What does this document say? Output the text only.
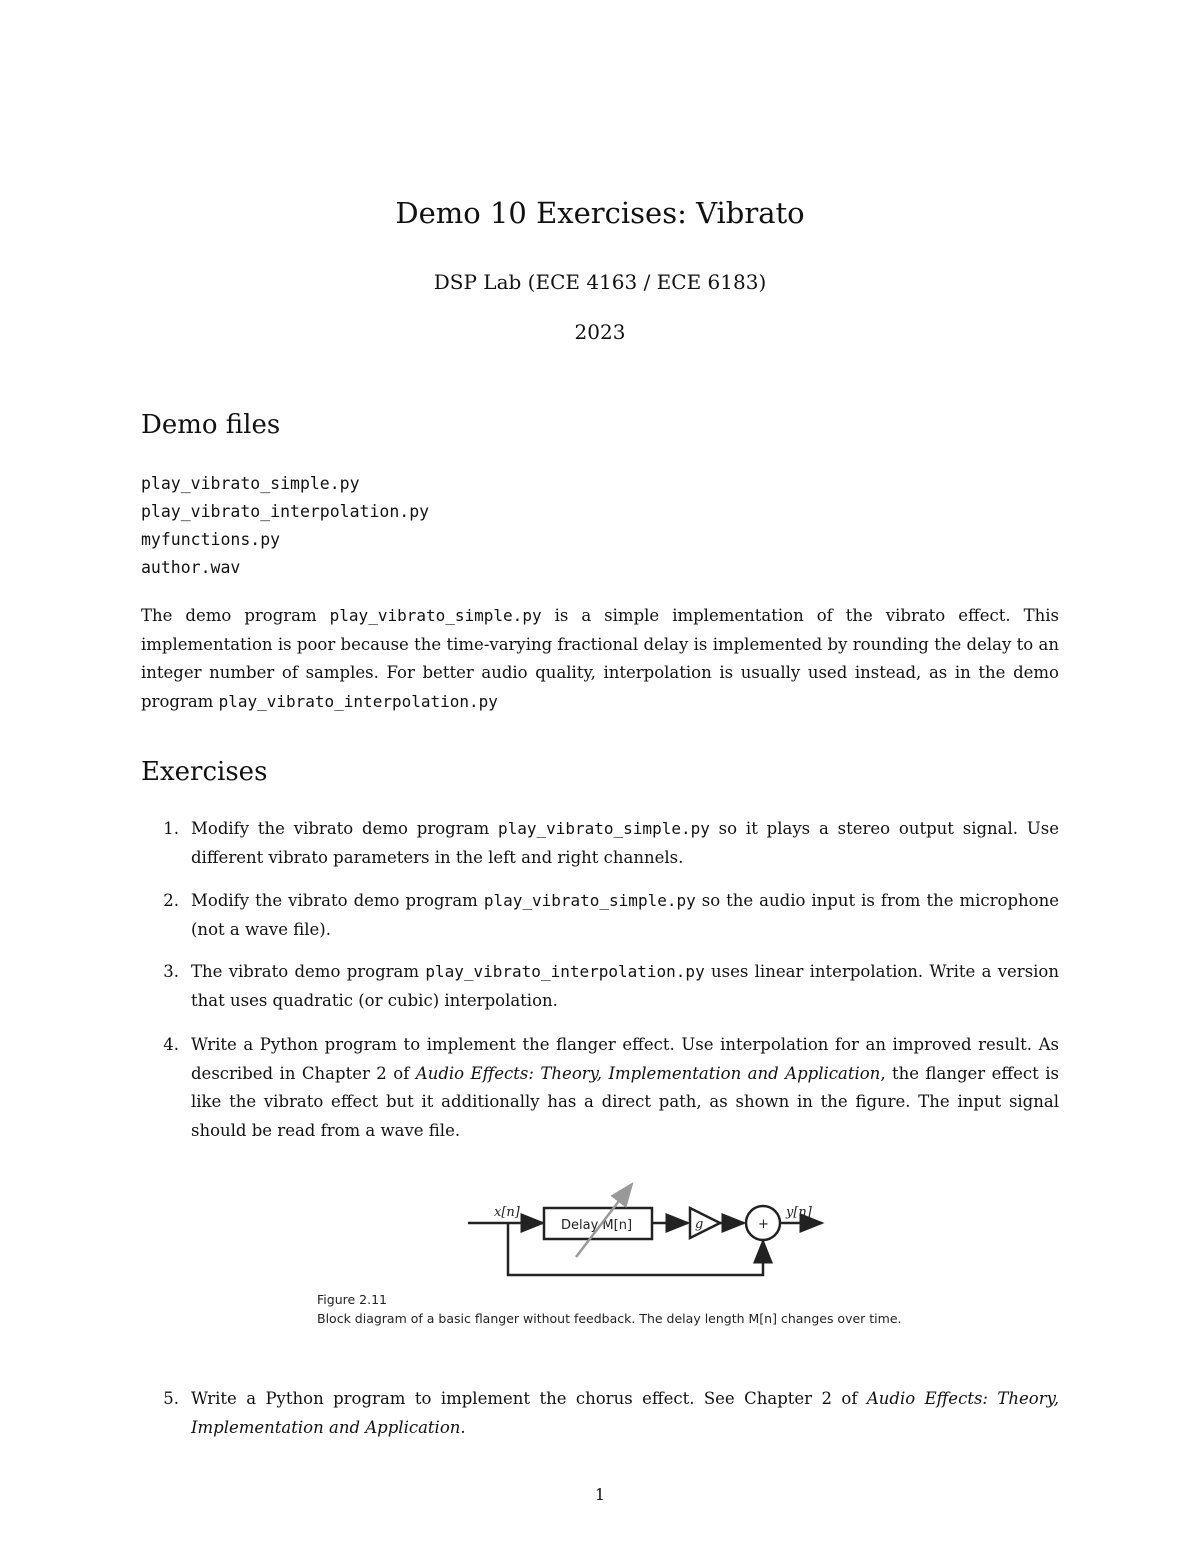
Demo 10 Exercises: Vibrato
DSP Lab (ECE 4163 / ECE 6183)
2023
Demo files
play_vibrato_simple.py
play_vibrato_interpolation.py
myfunctions.py
author.wav
The demo program play_vibrato_simple.py is a simple implementation of the vibrato effect. This implementation is poor because the time-varying fractional delay is implemented by rounding the delay to an integer number of samples. For better audio quality, interpolation is usually used instead, as in the demo program play_vibrato_interpolation.py
Exercises
1. Modify the vibrato demo program play_vibrato_simple.py so it plays a stereo output signal. Use different vibrato parameters in the left and right channels.
2. Modify the vibrato demo program play_vibrato_simple.py so the audio input is from the microphone (not a wave file).
3. The vibrato demo program play_vibrato_interpolation.py uses linear interpolation. Write a version that uses quadratic (or cubic) interpolation.
4. Write a Python program to implement the flanger effect. Use interpolation for an improved result. As described in Chapter 2 of Audio Effects: Theory, Implementation and Application, the flanger effect is like the vibrato effect but it additionally has a direct path, as shown in the figure. The input signal should be read from a wave file.
x[n]
Delay M[n]	g	+
y[n]
Figure 2.11
Block diagram of a basic flanger without feedback. The delay length M[n] changes over time.
5. Write a Python program to implement the chorus effect. See Chapter 2 of Audio Effects: Theory, Implementation and Application.
1
